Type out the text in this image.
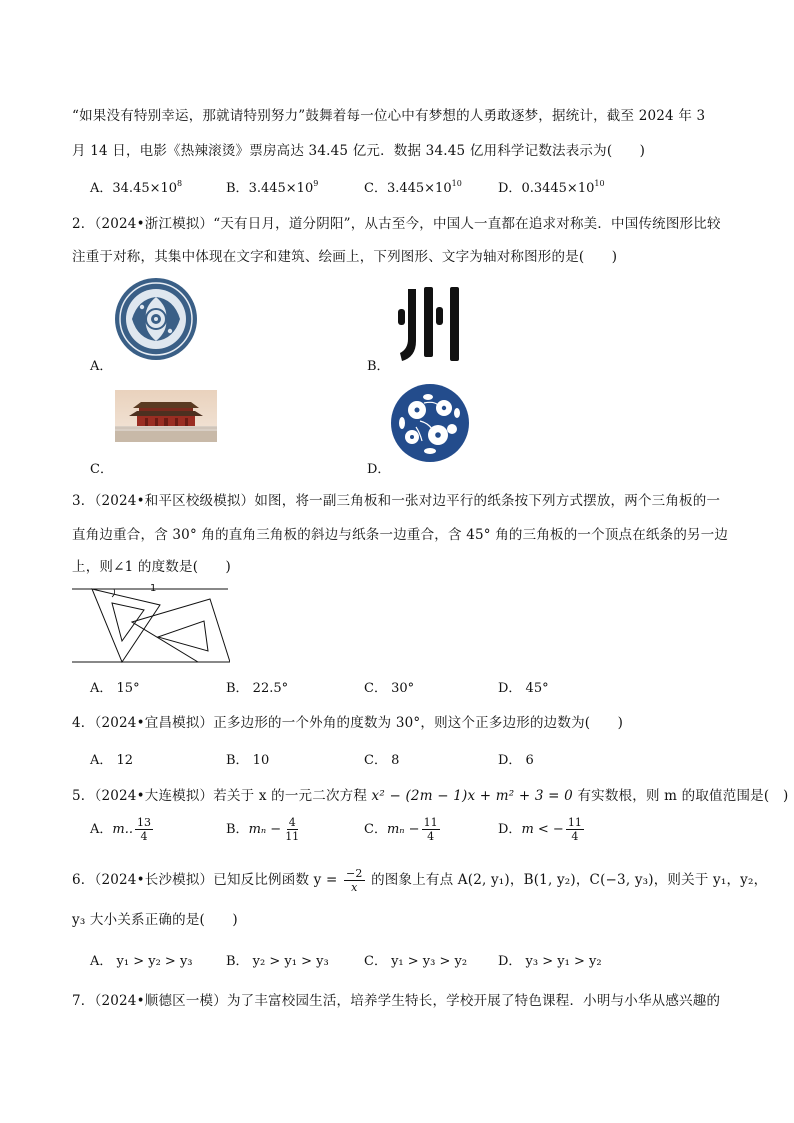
“如果没有特别幸运，那就请特别努力”鼓舞着每一位心中有梦想的人勇敢逐梦，据统计，截至 2024 年 3
月 14 日，电影《热辣滚烫》票房高达 34.45 亿元．数据 34.45 亿用科学记数法表示为(　　)
A．$34.45\times 10^8$	B．$3.445\times 10^9$	C．$3.445\times 10^{10}$	D．$0.3445\times 10^{10}$
2．（2024•浙江模拟）“天有日月，道分阴阳”，从古至今，中国人一直都在追求对称美．中国传统图形比较
注重于对称，其集中体现在文字和建筑、绘画上，下列图形、文字为轴对称图形的是(　　)
A．	B．
C．	D．
3．（2024•和平区校级模拟）如图，将一副三角板和一张对边平行的纸条按下列方式摆放，两个三角板的一
直角边重合，含 30° 角的直角三角板的斜边与纸条一边重合，含 45° 角的三角板的一个顶点在纸条的另一边
上，则∠1 的度数是(　　)
1
A． 15°	B． 22.5°	C． 30°	D． 45°
4．（2024•宜昌模拟）正多边形的一个外角的度数为 30°，则这个正多边形的边数为(　　)
A． 12	B． 10	C． 8	D． 6
5．（2024•大连模拟）若关于 x 的一元二次方程 x² − (2m − 1)x + m² + 3 = 0 有实数根，则 m 的取值范围是(　)
A．m.. $\frac{13}{4}$	B．$m_n - \frac{4}{11}$	C．$m_n - \frac{11}{4}$	D．m < − $\frac{11}{4}$
6．（2024•长沙模拟）已知反比例函数 $y = \frac{-2}{x}$ 的图象上有点 A(2, y₁)，B(1, y₂)，C(−3, y₃)，则关于 y₁，y₂，
y₃ 大小关系正确的是(　　)
A． y₁ > y₂ > y₃	B． y₂ > y₁ > y₃	C． y₁ > y₃ > y₂ D． y₃ > y₁ > y₂
7．（2024•顺德区一模）为了丰富校园生活，培养学生特长，学校开展了特色课程．小明与小华从感兴趣的
